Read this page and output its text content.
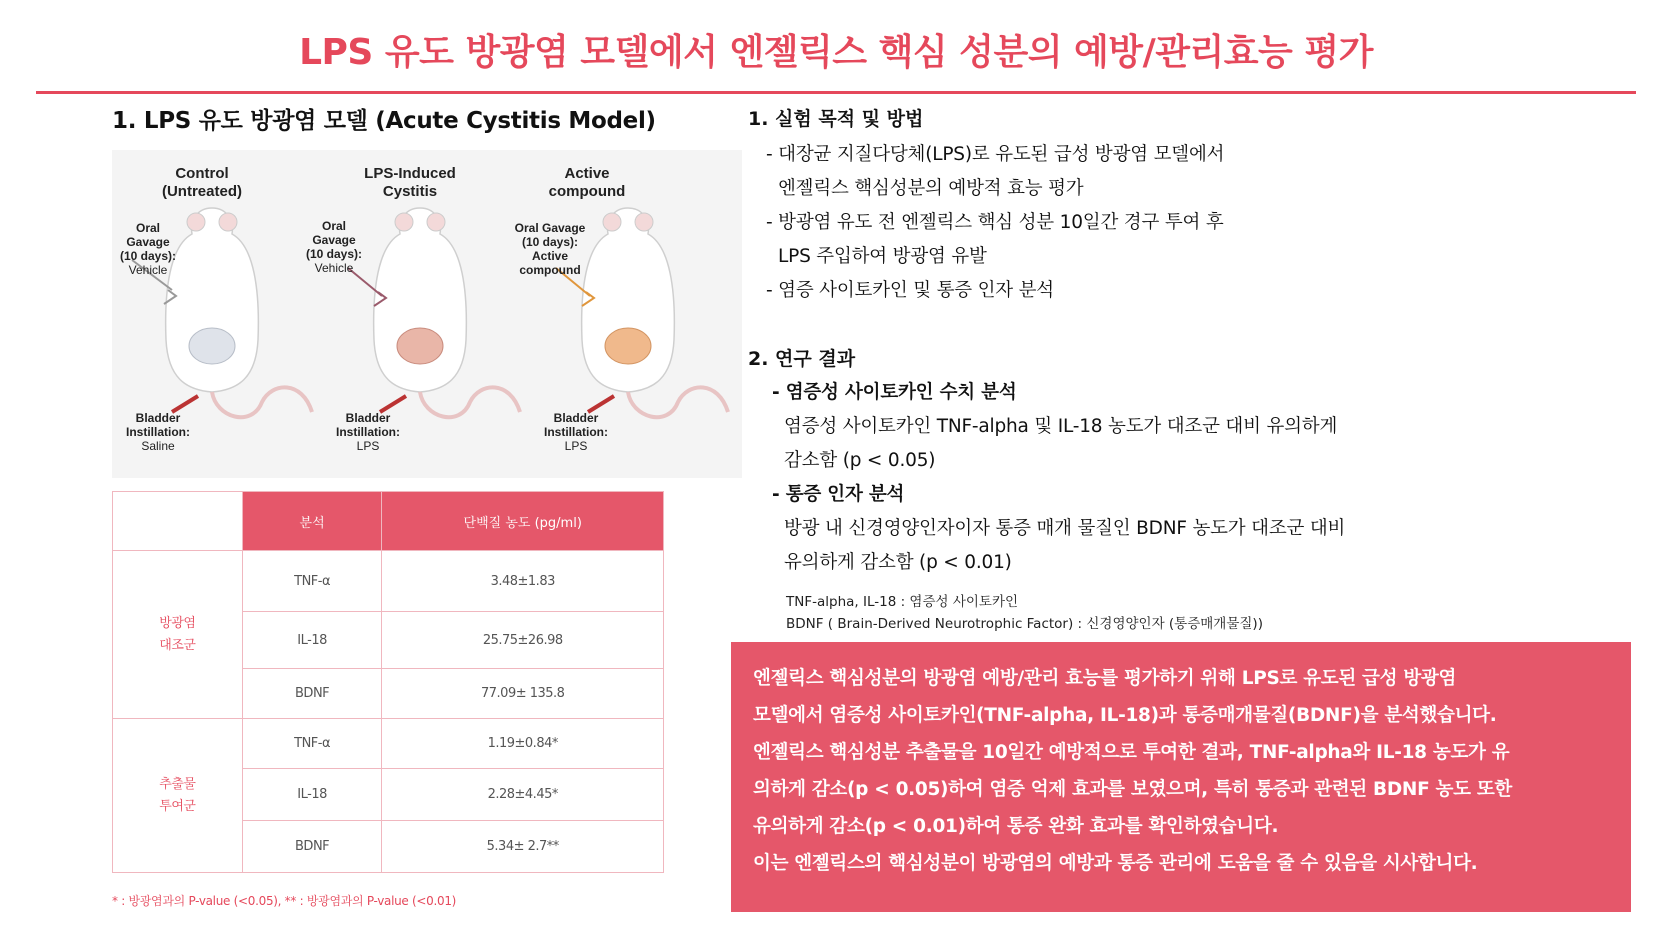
LPS 유도 방광염 모델에서 엔젤릭스 핵심 성분의 예방/관리효능 평가
1. LPS 유도 방광염 모델 (Acute Cystitis Model)
Control
(Untreated)
Oral
Gavage
(10 days):
Vehicle
Bladder
Instillation:
Saline
LPS-Induced
Cystitis
Oral
Gavage
(10 days):
Vehicle
Bladder
Instillation:
LPS
Active
compound
Oral Gavage
(10 days):
Active
compound
Bladder
Instillation:
LPS
	분석	단백질 농도 (pg/ml)

방광염
대조군	TNF-α	3.48±1.83
	IL-18	25.75±26.98
	BDNF	77.09± 135.8

추출물
투여군	TNF-α	1.19±0.84*
	IL-18	2.28±4.45*
	BDNF	5.34± 2.7**
* : 방광염과의 P-value (<0.05), ** : 방광염과의 P-value (<0.01)
1. 실험 목적 및 방법
- 대장균 지질다당체(LPS)로 유도된 급성 방광염 모델에서
엔젤릭스 핵심성분의 예방적 효능 평가
- 방광염 유도 전 엔젤릭스 핵심 성분 10일간 경구 투여 후
LPS 주입하여 방광염 유발
- 염증 사이토카인 및 통증 인자 분석
2. 연구 결과
- 염증성 사이토카인 수치 분석
염증성 사이토카인 TNF-alpha 및 IL-18 농도가 대조군 대비 유의하게
감소함 (p < 0.05)
- 통증 인자 분석
방광 내 신경영양인자이자 통증 매개 물질인 BDNF 농도가 대조군 대비
유의하게 감소함 (p < 0.01)
TNF-alpha, IL-18 : 염증성 사이토카인
BDNF ( Brain-Derived Neurotrophic Factor) : 신경영양인자 (통증매개물질))
엔젤릭스 핵심성분의 방광염 예방/관리 효능를 평가하기 위해 LPS로 유도된 급성 방광염
모델에서 염증성 사이토카인(TNF-alpha, IL-18)과 통증매개물질(BDNF)을 분석했습니다.
엔젤릭스 핵심성분 추출물을 10일간 예방적으로 투여한 결과, TNF-alpha와 IL-18 농도가 유
의하게 감소(p < 0.05)하여 염증 억제 효과를 보였으며, 특히 통증과 관련된 BDNF 농도 또한
유의하게 감소(p < 0.01)하여 통증 완화 효과를 확인하였습니다.
이는 엔젤릭스의 핵심성분이 방광염의 예방과 통증 관리에 도움을 줄 수 있음을 시사합니다.
